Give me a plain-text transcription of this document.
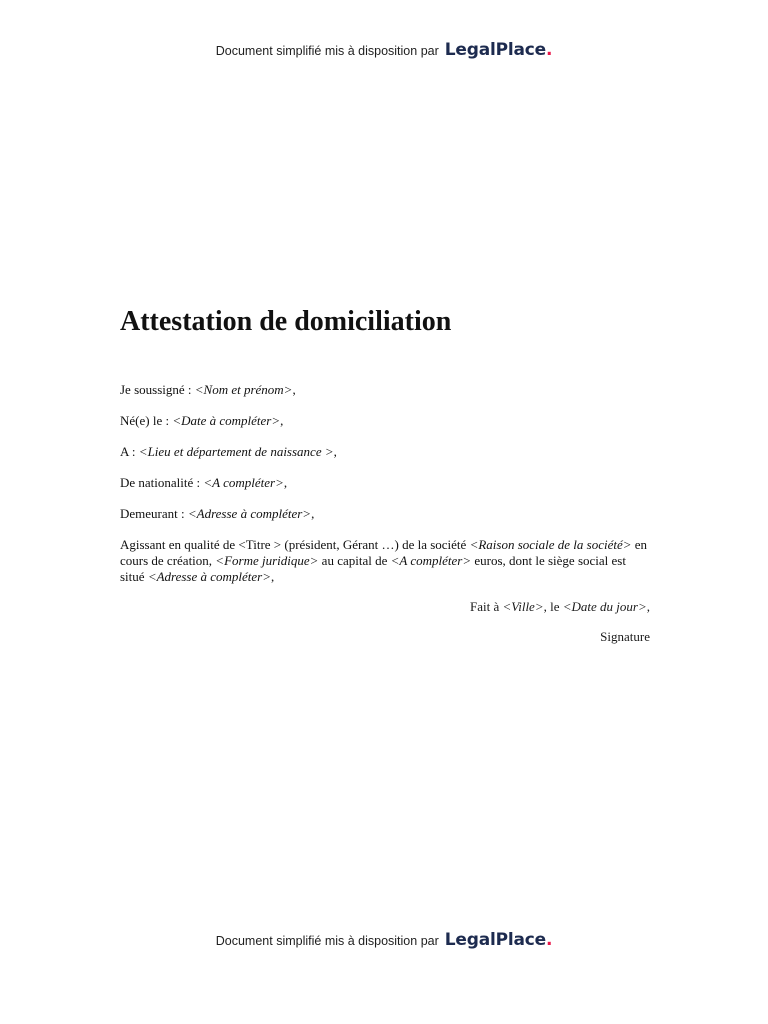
Document simplifié mis à disposition par LegalPlace.
Attestation de domiciliation

Je soussigné : <Nom et prénom>,

Né(e) le : <Date à compléter>,

A : <Lieu et département de naissance >,

De nationalité : <A compléter>,

Demeurant : <Adresse à compléter>,

Agissant en qualité de <Titre > (président, Gérant …) de la société <Raison sociale de la société> en cours de création, <Forme juridique> au capital de <A compléter> euros, dont le siège social est situé <Adresse à compléter>,

Fait à <Ville>, le <Date du jour>,

Signature

Document simplifié mis à disposition par LegalPlace.
